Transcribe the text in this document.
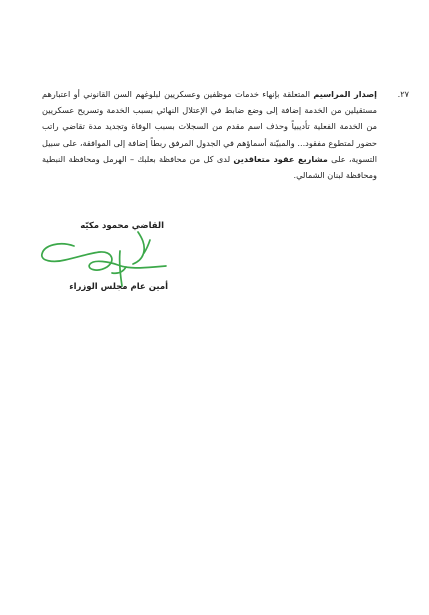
.٢٧
إصدار المراسيم المتعلقة بإنهاء خدمات موظفين وعسكريين لبلوغهم السن القانوني أو اعتبارهم مستقيلين من الخدمة إضافة إلى وضع ضابط في الإعتلال النهائي بسبب الخدمة وتسريح عسكريين من الخدمة الفعلية تأديبياً وحذف اسم مقدم من السجلات بسبب الوفاة وتجديد مدة تقاضي راتب حضور لمتطوع مفقود... والمبيّنة أسماؤهم في الجدول المرفق ربطاً إضافة إلى الموافقة، على سبيل التسوية، على مشاريع عقود متعاقدين لدى كل من محافظة بعلبك – الهرمل ومحافظة النبطية ومحافظة لبنان الشمالي.
القاضي محمود مكيّه
أمين عام مجلس الوزراء
